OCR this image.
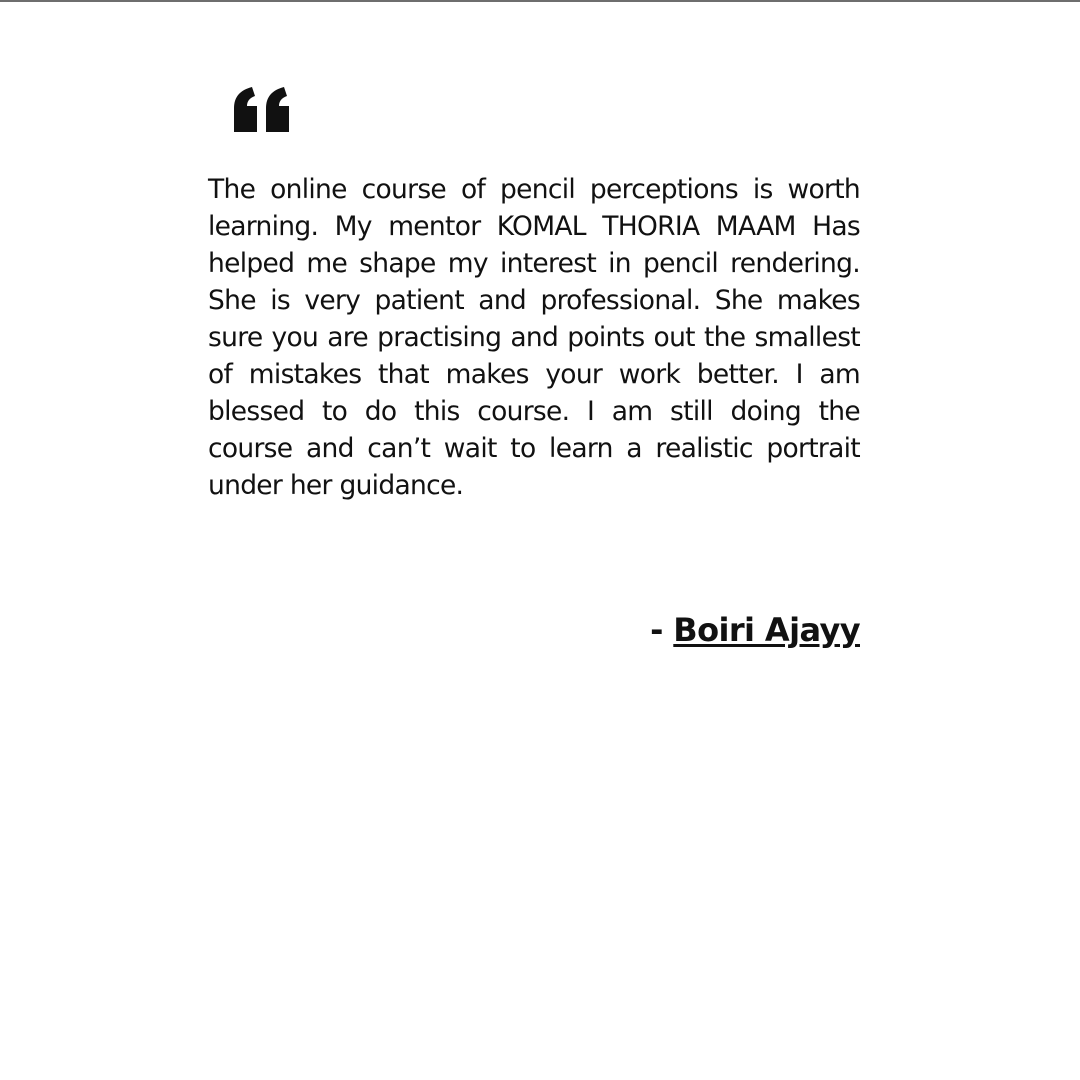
The online course of pencil perceptions is worth learning. My mentor KOMAL THORIA MAAM Has helped me shape my interest in pencil rendering. She is very patient and professional. She makes sure you are practising and points out the smallest of mistakes that makes your work better. I am blessed to do this course. I am still doing the course and can’t wait to learn a realistic portrait under her guidance.

- Boiri Ajayy
